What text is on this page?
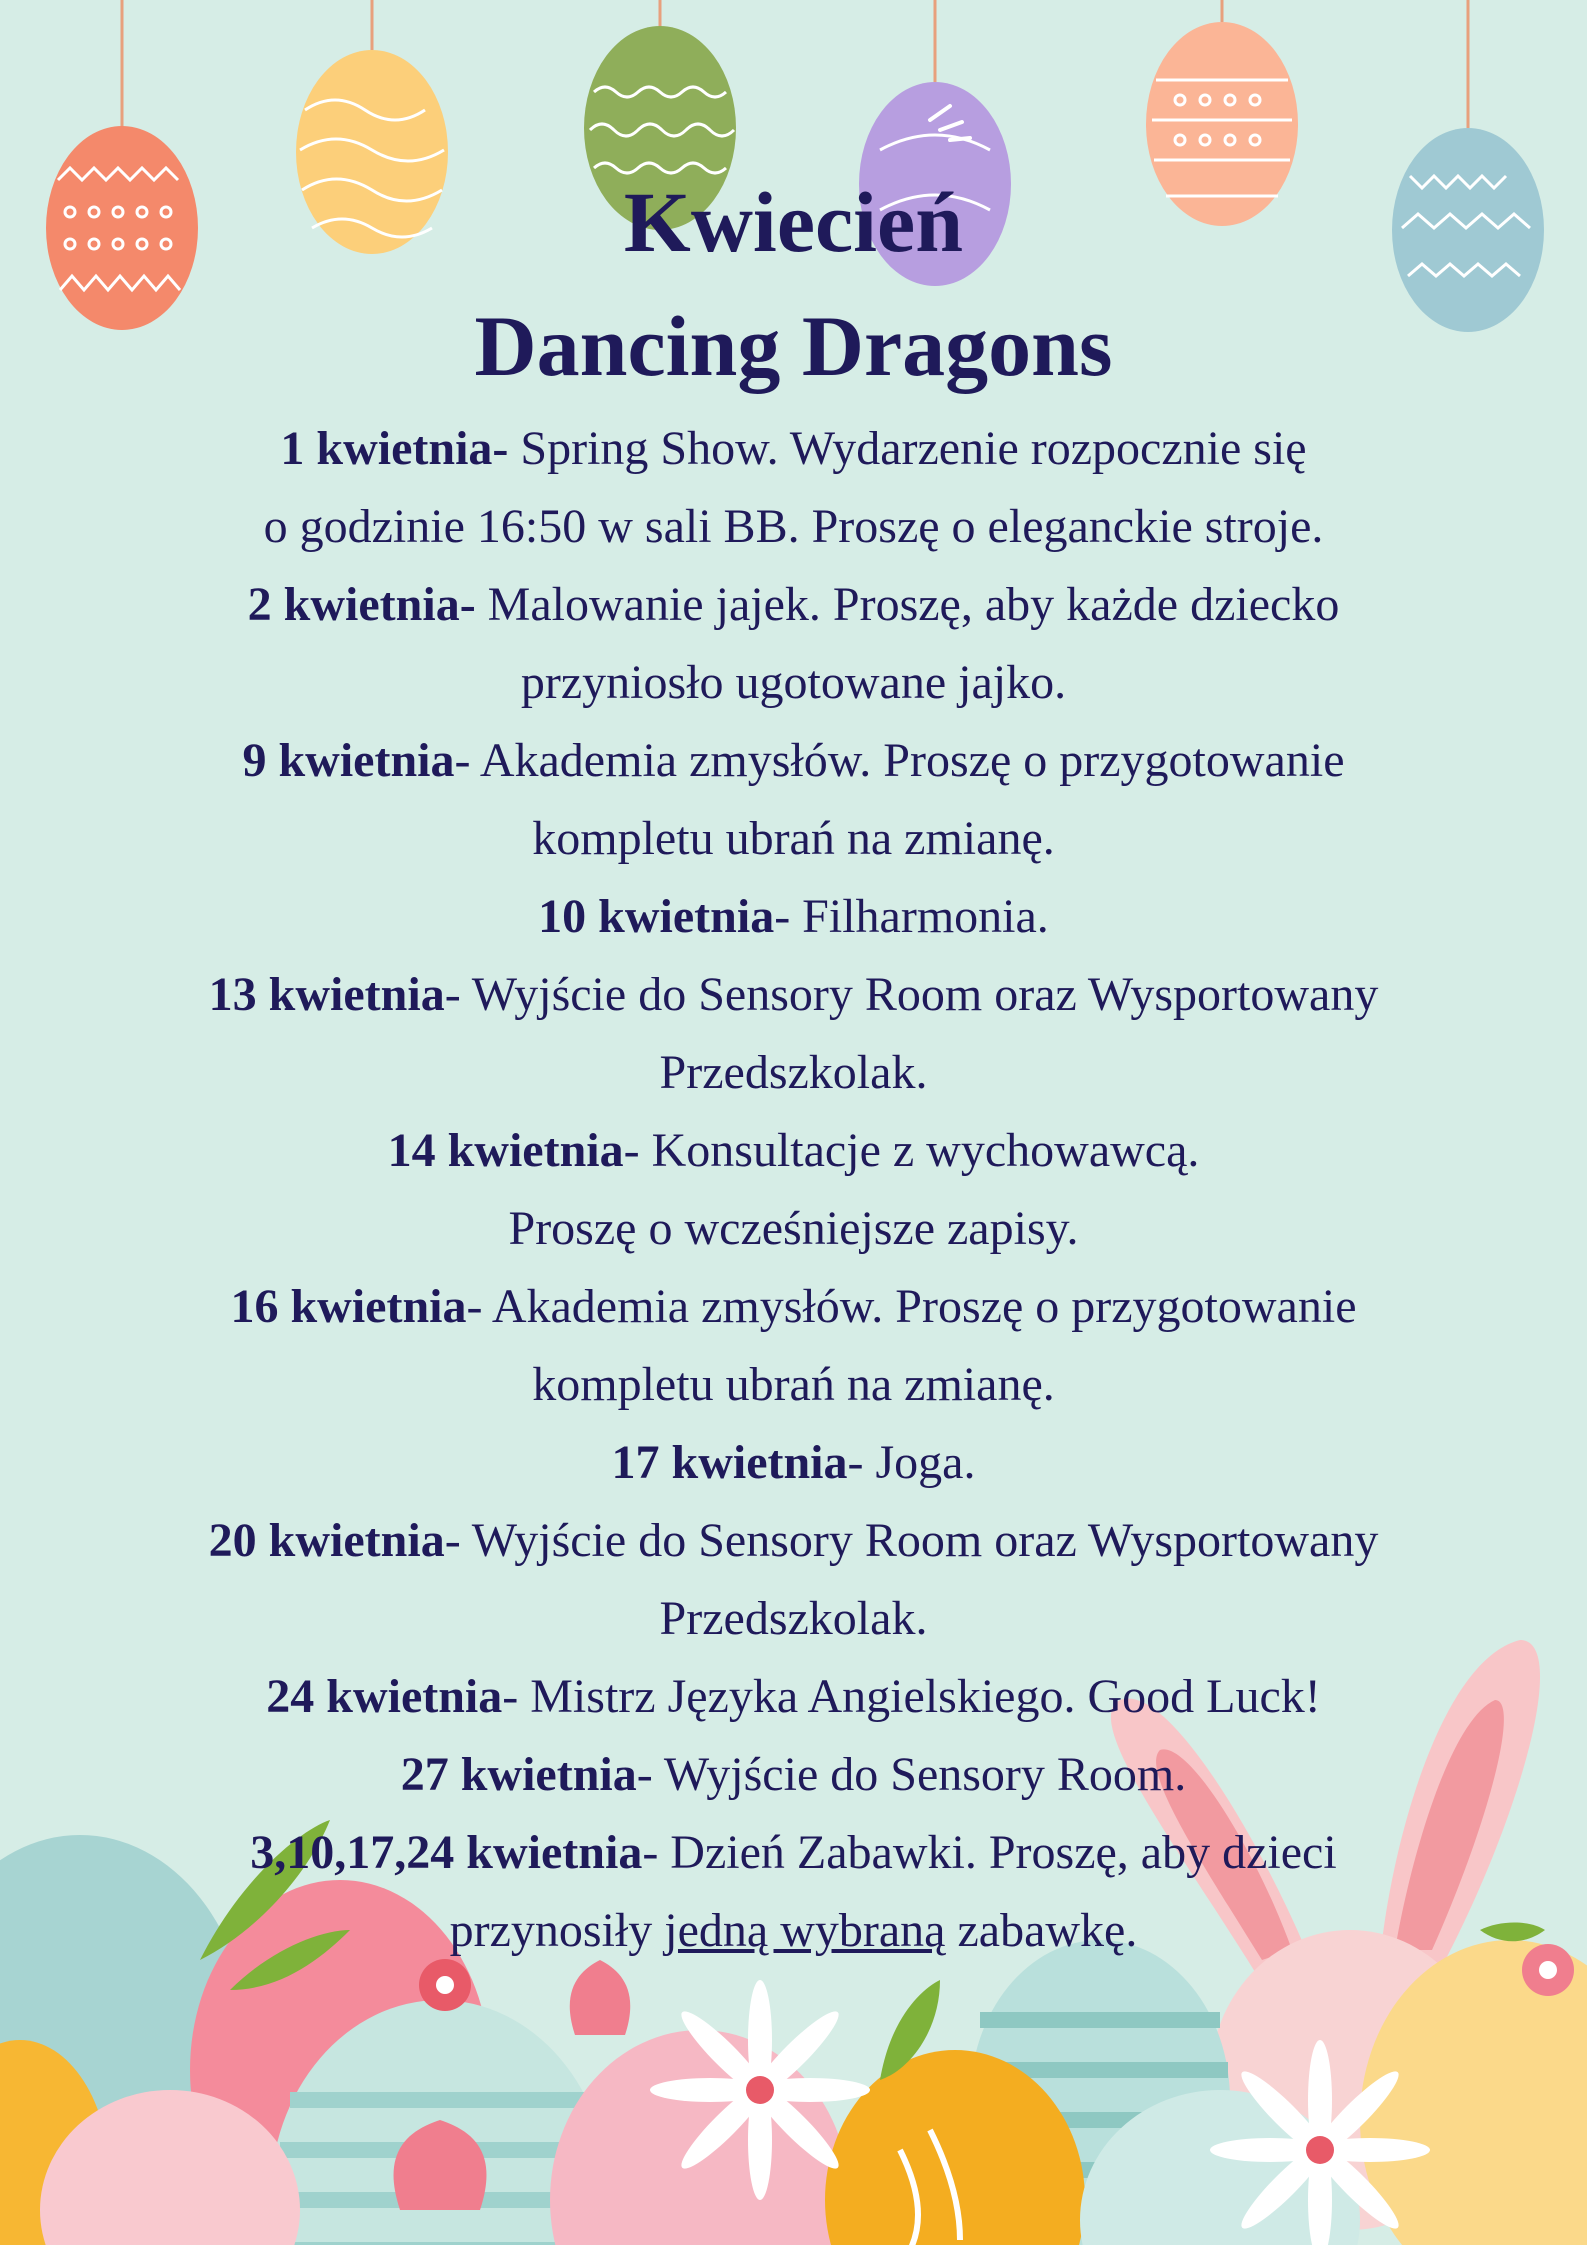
Kwiecień
Dancing Dragons

1 kwietnia- Spring Show. Wydarzenie rozpocznie się

o godzinie 16:50 w sali BB. Proszę o eleganckie stroje.

2 kwietnia- Malowanie jajek. Proszę, aby każde dziecko

przyniosło ugotowane jajko.

9 kwietnia- Akademia zmysłów. Proszę o przygotowanie

kompletu ubrań na zmianę.

10 kwietnia- Filharmonia.

13 kwietnia- Wyjście do Sensory Room oraz Wysportowany

Przedszkolak.

14 kwietnia- Konsultacje z wychowawcą.

Proszę o wcześniejsze zapisy.

16 kwietnia- Akademia zmysłów. Proszę o przygotowanie

kompletu ubrań na zmianę.

17 kwietnia- Joga.

20 kwietnia- Wyjście do Sensory Room oraz Wysportowany

Przedszkolak.

24 kwietnia- Mistrz Języka Angielskiego. Good Luck!

27 kwietnia- Wyjście do Sensory Room.

3,10,17,24 kwietnia- Dzień Zabawki. Proszę, aby dzieci

przynosiły jedną wybraną zabawkę.
